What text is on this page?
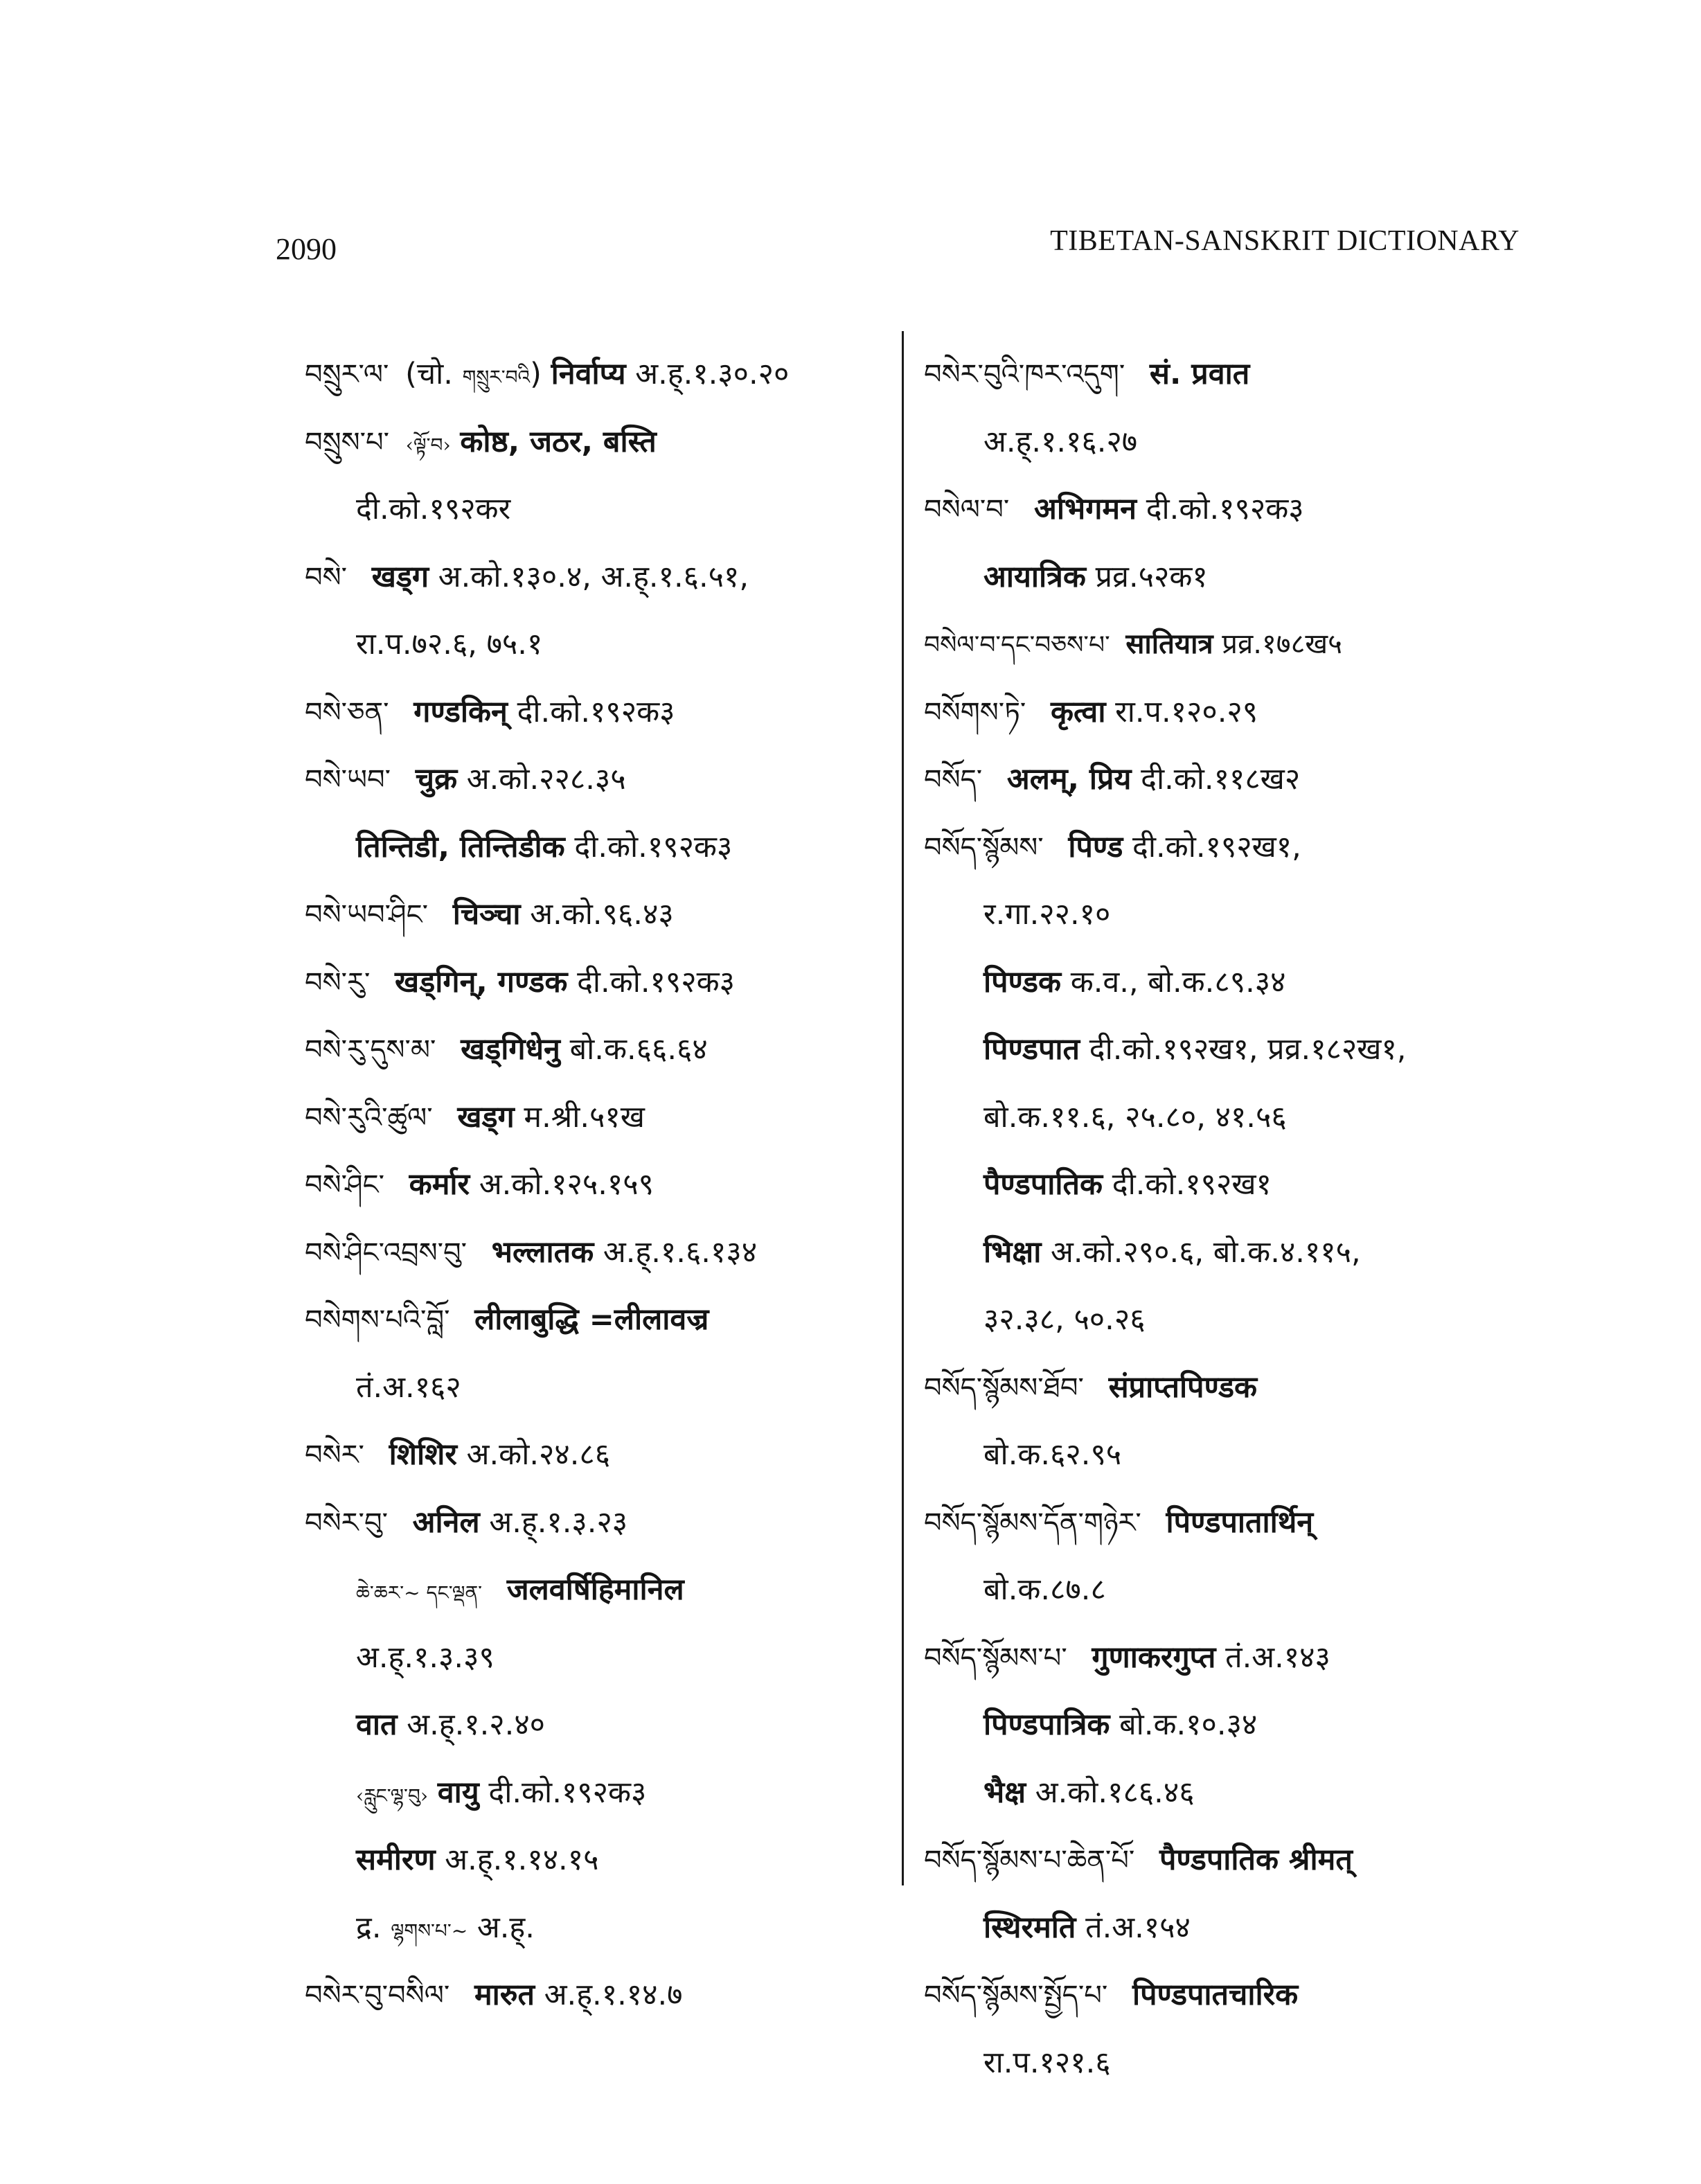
2090	TIBETAN-SANSKRIT DICTIONARY
བསྲུར་ལ་ (चो. གསྲུར་བའི) निर्वाप्य अ.ह्.१.३०.२०
བསྲུས་པ་ ‹ལྟོ་བ› कोष्ठ, जठर, बस्ति
दी.को.१९२कर
བསེ་ खड्ग अ.को.१३०.४, अ.ह्.१.६.५१,
रा.प.७२.६, ७५.१
བསེ་ཅན་ गण्डकिन् दी.को.१९२क३
བསེ་ཡབ་ चुक्र अ.को.२२८.३५
तिन्तिडी, तिन्तिडीक दी.को.१९२क३
བསེ་ཡབ་ཤིང་ चिञ्चा अ.को.९६.४३
བསེ་རུ་ खड्गिन्, गण्डक दी.को.१९२क३
བསེ་རུ་དུས་མ་ खड्गिधेनु बो.क.६६.६४
བསེ་རུའི་ཚུལ་ खड्ग म.श्री.५१ख
བསེ་ཤིང་ कर्मार अ.को.१२५.१५९
བསེ་ཤིང་འབྲས་བུ་ भल्लातक अ.ह्.१.६.१३४
བསེགས་པའི་བློ་ लीलाबुद्धि =लीलावज्र
तं.अ.१६२
བསེར་ शिशिर अ.को.२४.८६
བསེར་བུ་ अनिल अ.ह्.१.३.२३
ཆེ་ཆར་~ དང་ལྡན་ जलवर्षिहिमानिल
अ.ह्.१.३.३९
वात अ.ह्.१.२.४०
‹རླུང་ལྷ་བུ› वायु दी.को.१९२क३
समीरण अ.ह्.१.१४.१५
द्र. ལྷགས་པ་~ अ.ह्.
བསེར་བུ་བསིལ་ मारुत अ.ह्.१.१४.७
བསེར་བུའི་ཁར་འདུག་ सं. प्रवात
अ.ह्.१.१६.२७
བསེལ་བ་ अभिगमन दी.को.१९२क३
आयात्रिक प्रव्र.५२क१
བསེལ་བ་དང་བཅས་པ་ सातियात्र प्रव्र.१७८ख५
བསོགས་ཏེ་ कृत्वा रा.प.१२०.२९
བསོད་ अलम्, प्रिय दी.को.११८ख२
བསོད་སྙོམས་ पिण्ड दी.को.१९२ख१,
र.गा.२२.१०
पिण्डक क.व., बो.क.८९.३४
पिण्डपात दी.को.१९२ख१, प्रव्र.१८२ख१,
बो.क.११.६, २५.८०, ४१.५६
पैण्डपातिक दी.को.१९२ख१
भिक्षा अ.को.२९०.६, बो.क.४.११५,
३२.३८, ५०.२६
བསོད་སྙོམས་ཐོབ་ संप्राप्तपिण्डक
बो.क.६२.९५
བསོད་སྙོམས་དོན་གཉེར་ पिण्डपातार्थिन्
बो.क.८७.८
བསོད་སྙོམས་པ་ गुणाकरगुप्त तं.अ.१४३
पिण्डपात्रिक बो.क.१०.३४
भैक्ष अ.को.१८६.४६
བསོད་སྙོམས་པ་ཆེན་པོ་ पैण्डपातिक श्रीमत्
स्थिरमति तं.अ.१५४
བསོད་སྙོམས་སྤྱོད་པ་ पिण्डपातचारिक
रा.प.१२१.६
